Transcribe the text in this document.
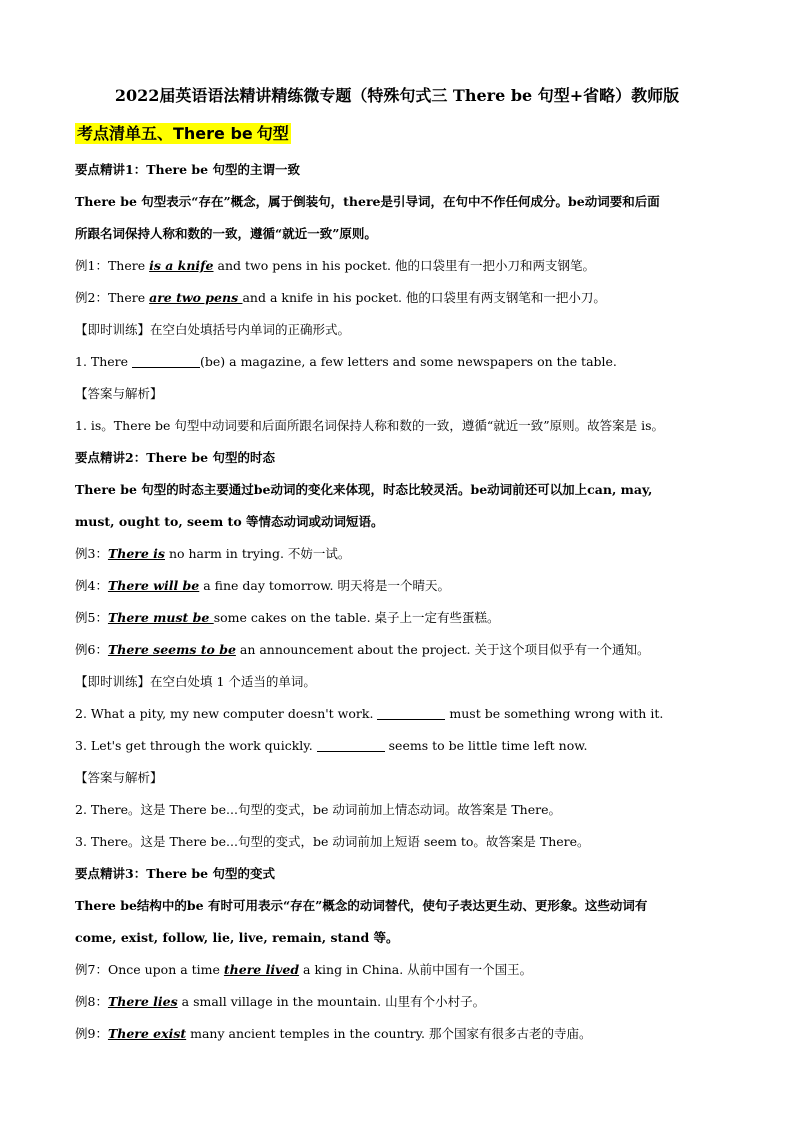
2022届英语语法精讲精练微专题（特殊句式三 There be 句型+省略）教师版
考点清单五、There be 句型
要点精讲1：There be 句型的主谓一致
There be 句型表示“存在”概念，属于倒装句，there是引导词，在句中不作任何成分。be动词要和后面
所跟名词保持人称和数的一致，遵循“就近一致”原则。
例1：There is a knife and two pens in his pocket. 他的口袋里有一把小刀和两支钢笔。
例2：There are two pens and a knife in his pocket. 他的口袋里有两支钢笔和一把小刀。
【即时训练】在空白处填括号内单词的正确形式。
1. There	(be) a magazine, a few letters and some newspapers on the table.
【答案与解析】
1. is。There be 句型中动词要和后面所跟名词保持人称和数的一致，遵循“就近一致”原则。故答案是 is。
要点精讲2：There be 句型的时态
There be 句型的时态主要通过be动词的变化来体现，时态比较灵活。be动词前还可以加上can, may,
must, ought to, seem to 等情态动词或动词短语。
例3：There is no harm in trying. 不妨一试。
例4：There will be a fine day tomorrow. 明天将是一个晴天。
例5：There must be some cakes on the table. 桌子上一定有些蛋糕。
例6：There seems to be an announcement about the project. 关于这个项目似乎有一个通知。
【即时训练】在空白处填 1 个适当的单词。
2. What a pity, my new computer doesn't work.	must be something wrong with it.
3. Let's get through the work quickly.	seems to be little time left now.
【答案与解析】
2. There。这是 There be...句型的变式，be 动词前加上情态动词。故答案是 There。
3. There。这是 There be...句型的变式，be 动词前加上短语 seem to。故答案是 There。
要点精讲3：There be 句型的变式
There be结构中的be 有时可用表示“存在”概念的动词替代，使句子表达更生动、更形象。这些动词有
come, exist, follow, lie, live, remain, stand 等。
例7：Once upon a time there lived a king in China. 从前中国有一个国王。
例8：There lies a small village in the mountain. 山里有个小村子。
例9：There exist many ancient temples in the country. 那个国家有很多古老的寺庙。
